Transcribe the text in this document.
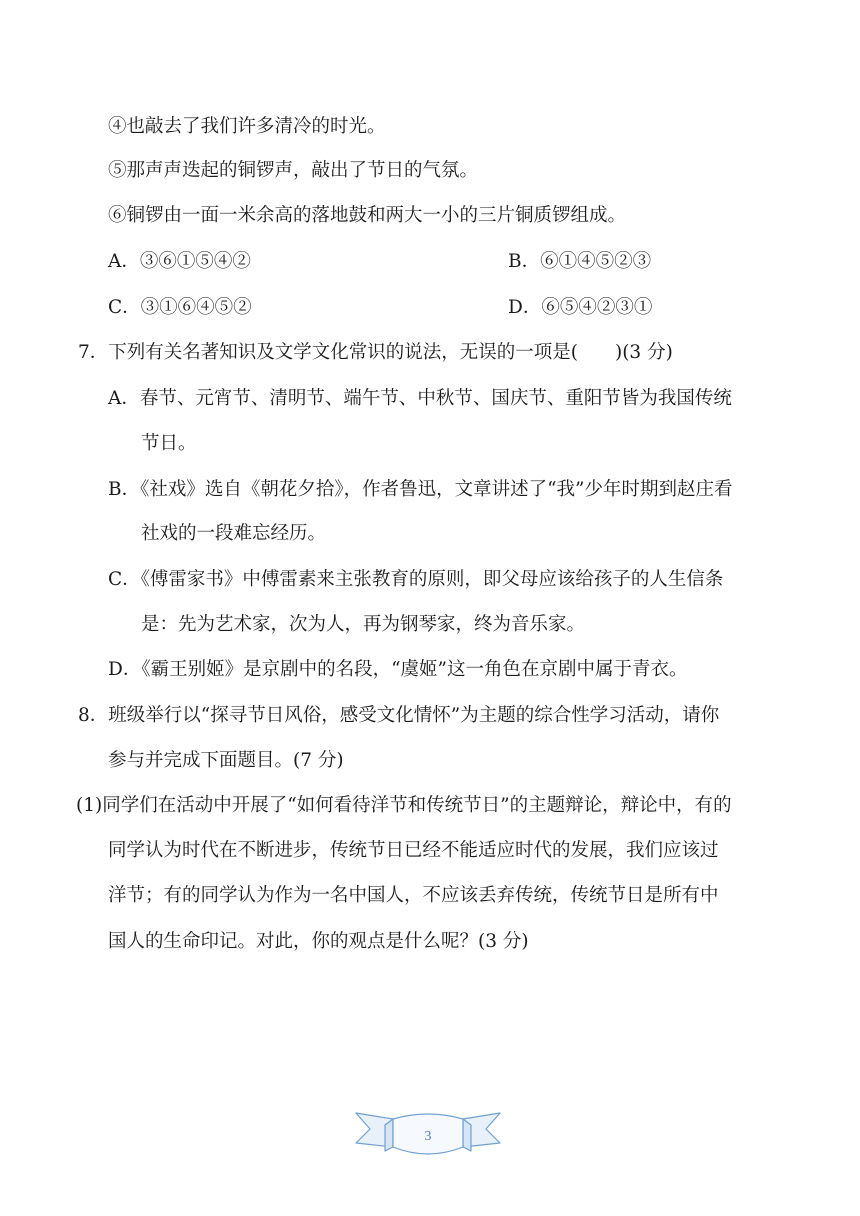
④也敲去了我们许多清冷的时光。
⑤那声声迭起的铜锣声，敲出了节日的气氛。
⑥铜锣由一面一米余高的落地鼓和两大一小的三片铜质锣组成。
A．③⑥①⑤④②	B．⑥①④⑤②③
C．③①⑥④⑤②	D．⑥⑤④②③①
7．下列有关名著知识及文学文化常识的说法，无误的一项是(　　)(3 分)
A．春节、元宵节、清明节、端午节、中秋节、国庆节、重阳节皆为我国传统
节日。
B．《社戏》选自《朝花夕拾》，作者鲁迅，文章讲述了“我”少年时期到赵庄看
社戏的一段难忘经历。
C．《傅雷家书》中傅雷素来主张教育的原则，即父母应该给孩子的人生信条
是：先为艺术家，次为人，再为钢琴家，终为音乐家。
D．《霸王别姬》是京剧中的名段，“虞姬”这一角色在京剧中属于青衣。
8．班级举行以“探寻节日风俗，感受文化情怀”为主题的综合性学习活动，请你
参与并完成下面题目。(7 分)
(1)同学们在活动中开展了“如何看待洋节和传统节日”的主题辩论，辩论中，有的
同学认为时代在不断进步，传统节日已经不能适应时代的发展，我们应该过
洋节；有的同学认为作为一名中国人，不应该丢弃传统，传统节日是所有中
国人的生命印记。对此，你的观点是什么呢？(3 分)
3
